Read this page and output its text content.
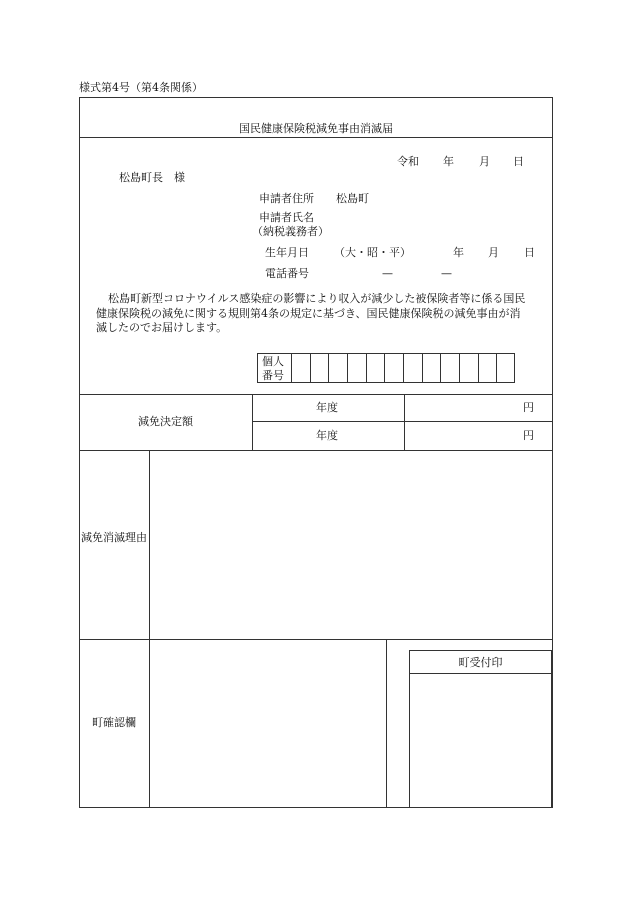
様式第4号（第4条関係）
国民健康保険税減免事由消滅届
令和 年 月 日
松島町長　様
申請者住所 松島町
申請者氏名
（納税義務者）
生年月日 （大・昭・平）	年 月 日
電話番号	—	—
松島町新型コロナウイルス感染症の影響により収入が減少した被保険者等に係る国民健康保険税の減免に関する規則第4条の規定に基づき、国民健康保険税の減免事由が消滅したのでお届けします。
個人
番号
減免決定額
年度	円
年度	円
減免消滅理由
町確認欄
町受付印
